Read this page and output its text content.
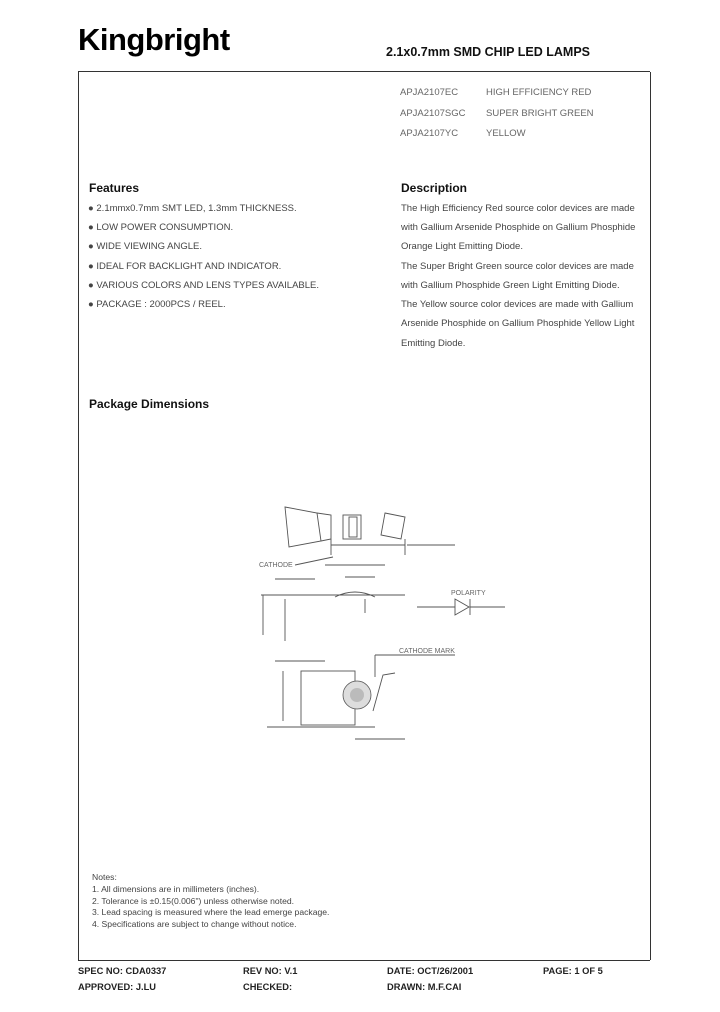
Kingbright	2.1x0.7mm SMD CHIP LED LAMPS
APJA2107EC	HIGH EFFICIENCY RED
APJA2107SGC	SUPER BRIGHT GREEN
APJA2107YC	YELLOW
Features
● 2.1mmx0.7mm SMT LED, 1.3mm THICKNESS.
● LOW POWER CONSUMPTION.
● WIDE VIEWING ANGLE.
● IDEAL FOR BACKLIGHT AND INDICATOR.
● VARIOUS COLORS AND LENS TYPES AVAILABLE.
● PACKAGE : 2000PCS / REEL.
Description
The High Efficiency Red source color devices are made
with Gallium Arsenide Phosphide on Gallium Phosphide
Orange Light Emitting Diode.
The Super Bright Green source color devices are made
with Gallium Phosphide Green Light Emitting Diode.
The Yellow source color devices are made with Gallium
Arsenide Phosphide on Gallium Phosphide Yellow Light
Emitting Diode.
Package Dimensions
CATHODE
POLARITY
CATHODE MARK
Notes:
1. All dimensions are in millimeters (inches).
2. Tolerance is ±0.15(0.006") unless otherwise noted.
3. Lead spacing is measured where the lead emerge package.
4. Specifications are subject to change without notice.
SPEC NO: CDA0337	REV NO: V.1	DATE: OCT/26/2001	PAGE: 1 OF 5
APPROVED: J.LU	CHECKED:	DRAWN: M.F.CAI
